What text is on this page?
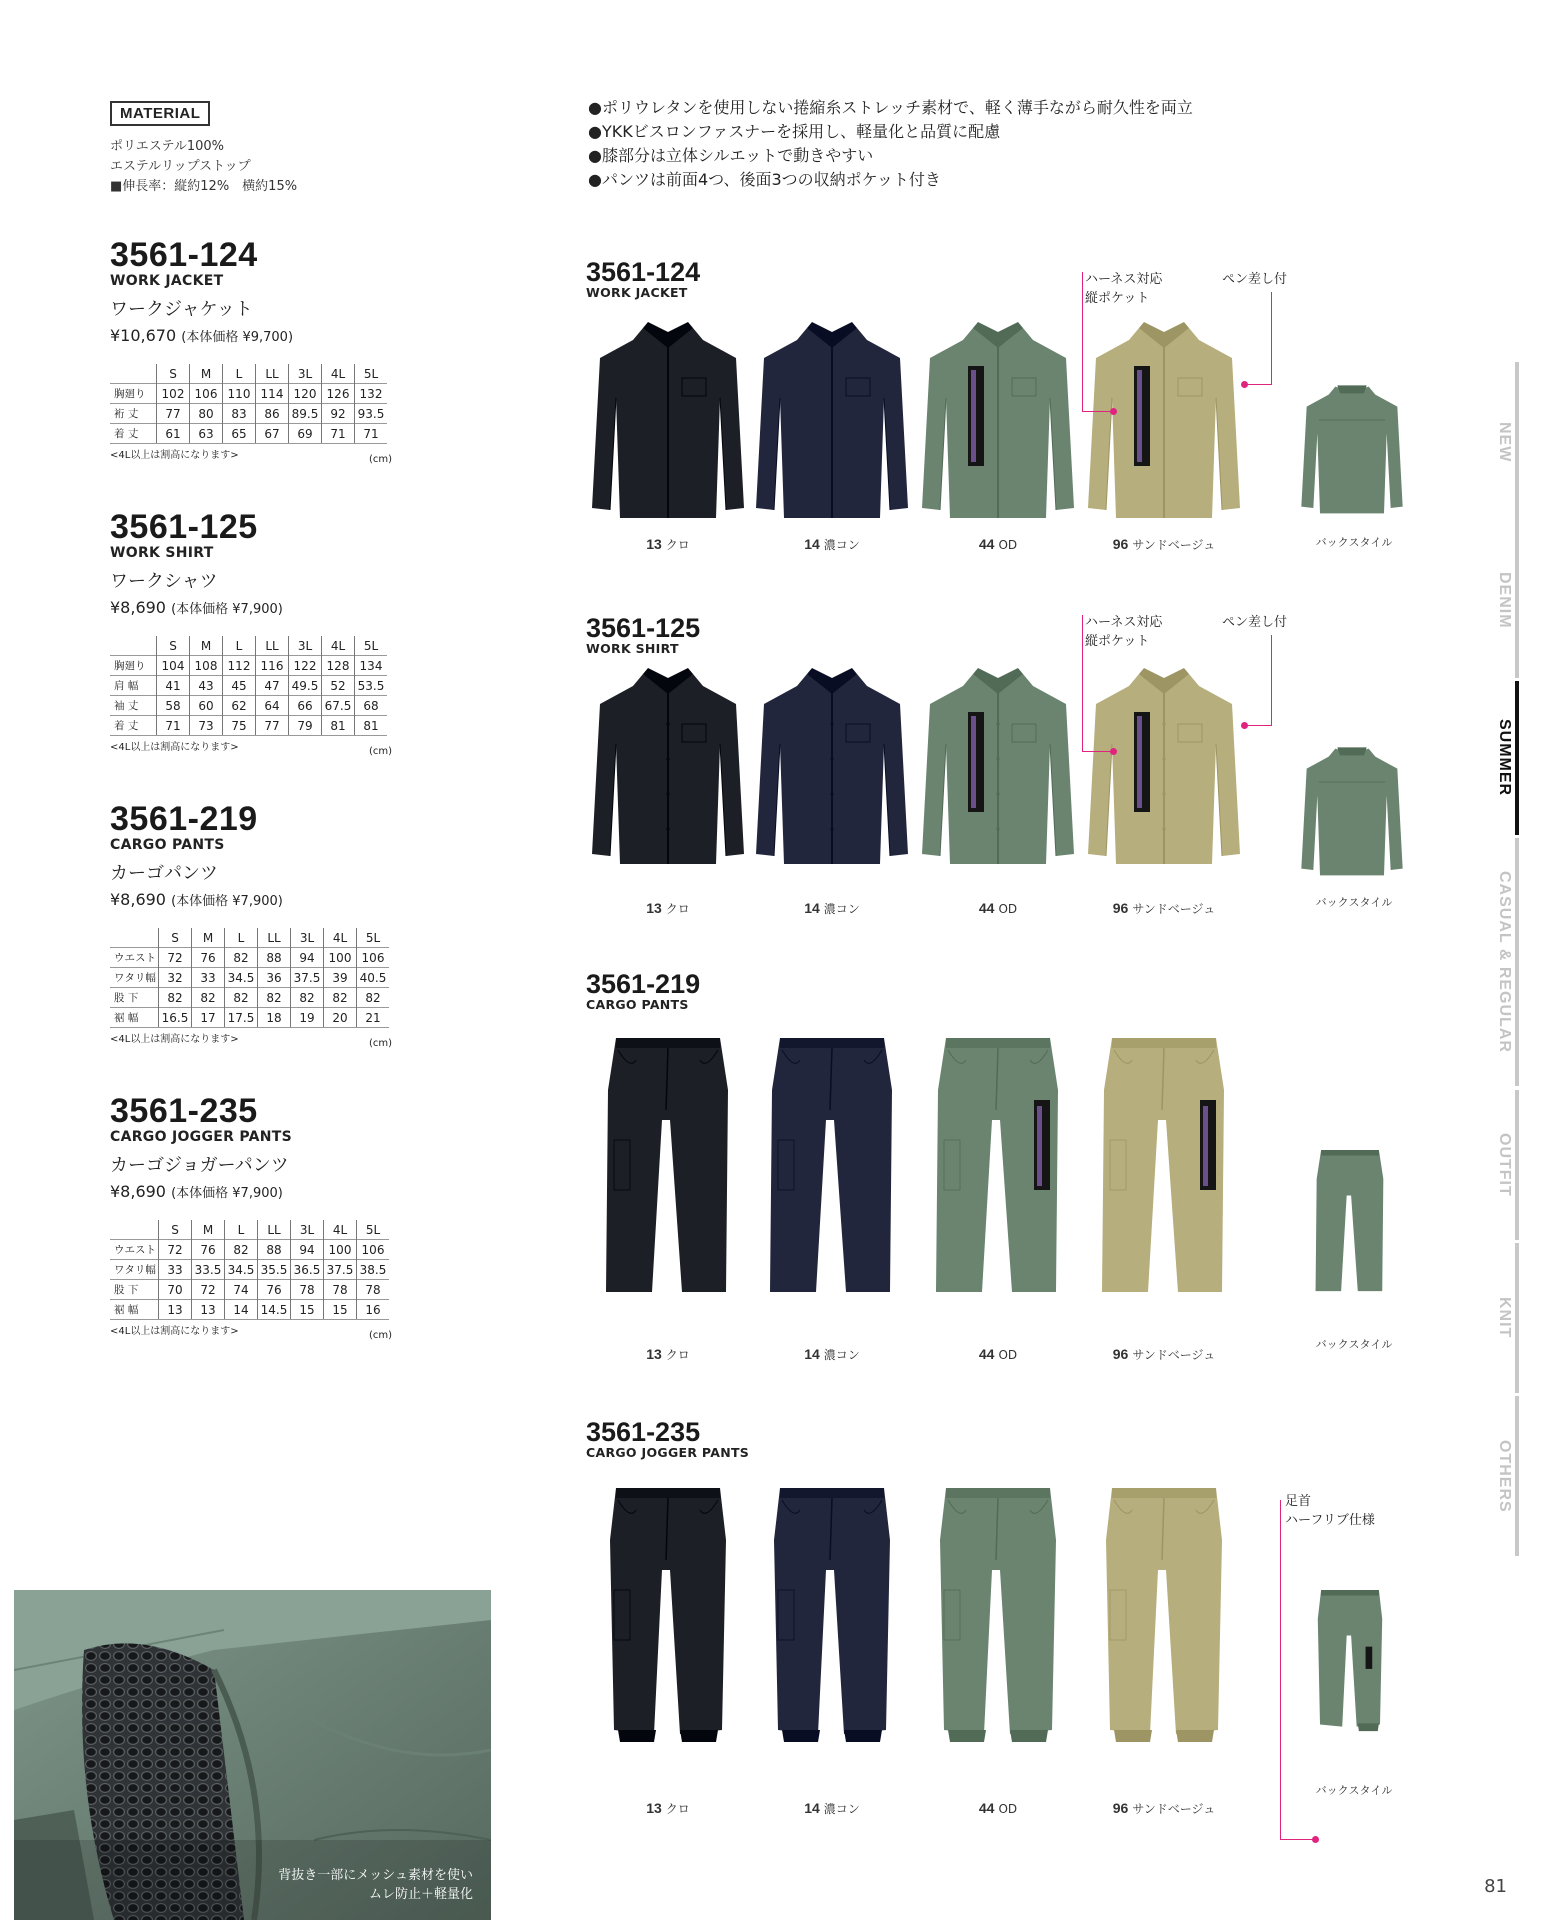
MATERIAL
ポリエステル100%
エステルリップストップ
■伸長率：縦約12%　横約15%
3561-124
WORK JACKET
ワークジャケット
¥10,670 (本体価格 ¥9,700)
	S	M	L	LL	3L	4L	5L
胸廻り	102	106	110	114	120	126	132
裄 丈	77	80	83	86	89.5	92	93.5
着 丈	61	63	65	67	69	71	71
<4L以上は割高になります>	(cm)
3561-125
WORK SHIRT
ワークシャツ
¥8,690 (本体価格 ¥7,900)
	S	M	L	LL	3L	4L	5L
胸廻り	104	108	112	116	122	128	134
肩 幅	41	43	45	47	49.5	52	53.5
袖 丈	58	60	62	64	66	67.5	68
着 丈	71	73	75	77	79	81	81
<4L以上は割高になります>	(cm)
3561-219
CARGO PANTS
カーゴパンツ
¥8,690 (本体価格 ¥7,900)
	S	M	L	LL	3L	4L	5L
ウエスト	72	76	82	88	94	100	106
ワタリ幅	32	33	34.5	36	37.5	39	40.5
股 下	82	82	82	82	82	82	82
裾 幅	16.5	17	17.5	18	19	20	21
<4L以上は割高になります>	(cm)
3561-235
CARGO JOGGER PANTS
カーゴジョガーパンツ
¥8,690 (本体価格 ¥7,900)
	S	M	L	LL	3L	4L	5L
ウエスト	72	76	82	88	94	100	106
ワタリ幅	33	33.5	34.5	35.5	36.5	37.5	38.5
股 下	70	72	74	76	78	78	78
裾 幅	13	13	14	14.5	15	15	16
<4L以上は割高になります>	(cm)
●ポリウレタンを使用しない捲縮糸ストレッチ素材で、軽く薄手ながら耐久性を両立
●YKKビスロンファスナーを採用し、軽量化と品質に配慮
●膝部分は立体シルエットで動きやすい
●パンツは前面4つ、後面3つの収納ポケット付き
3561-124
WORK JACKET
13 クロ	14 濃コン	44 OD	96 サンドベージュ	バックスタイル
3561-125
WORK SHIRT
13 クロ	14 濃コン	44 OD	96 サンドベージュ	バックスタイル
3561-219
CARGO PANTS
13 クロ	14 濃コン	44 OD	96 サンドベージュ
バックスタイル
3561-235
CARGO JOGGER PANTS
13 クロ	14 濃コン	44 OD	96 サンドベージュ
バックスタイル
ハーネス対応
縦ポケット
ペン差し付
ハーネス対応
縦ポケット
ペン差し付
足首
ハーフリブ仕様
NEW
DENIM
SUMMER
CASUAL & REGULAR
OUTFIT
KNIT
OTHERS
背抜き一部にメッシュ素材を使い
ムレ防止＋軽量化	81
